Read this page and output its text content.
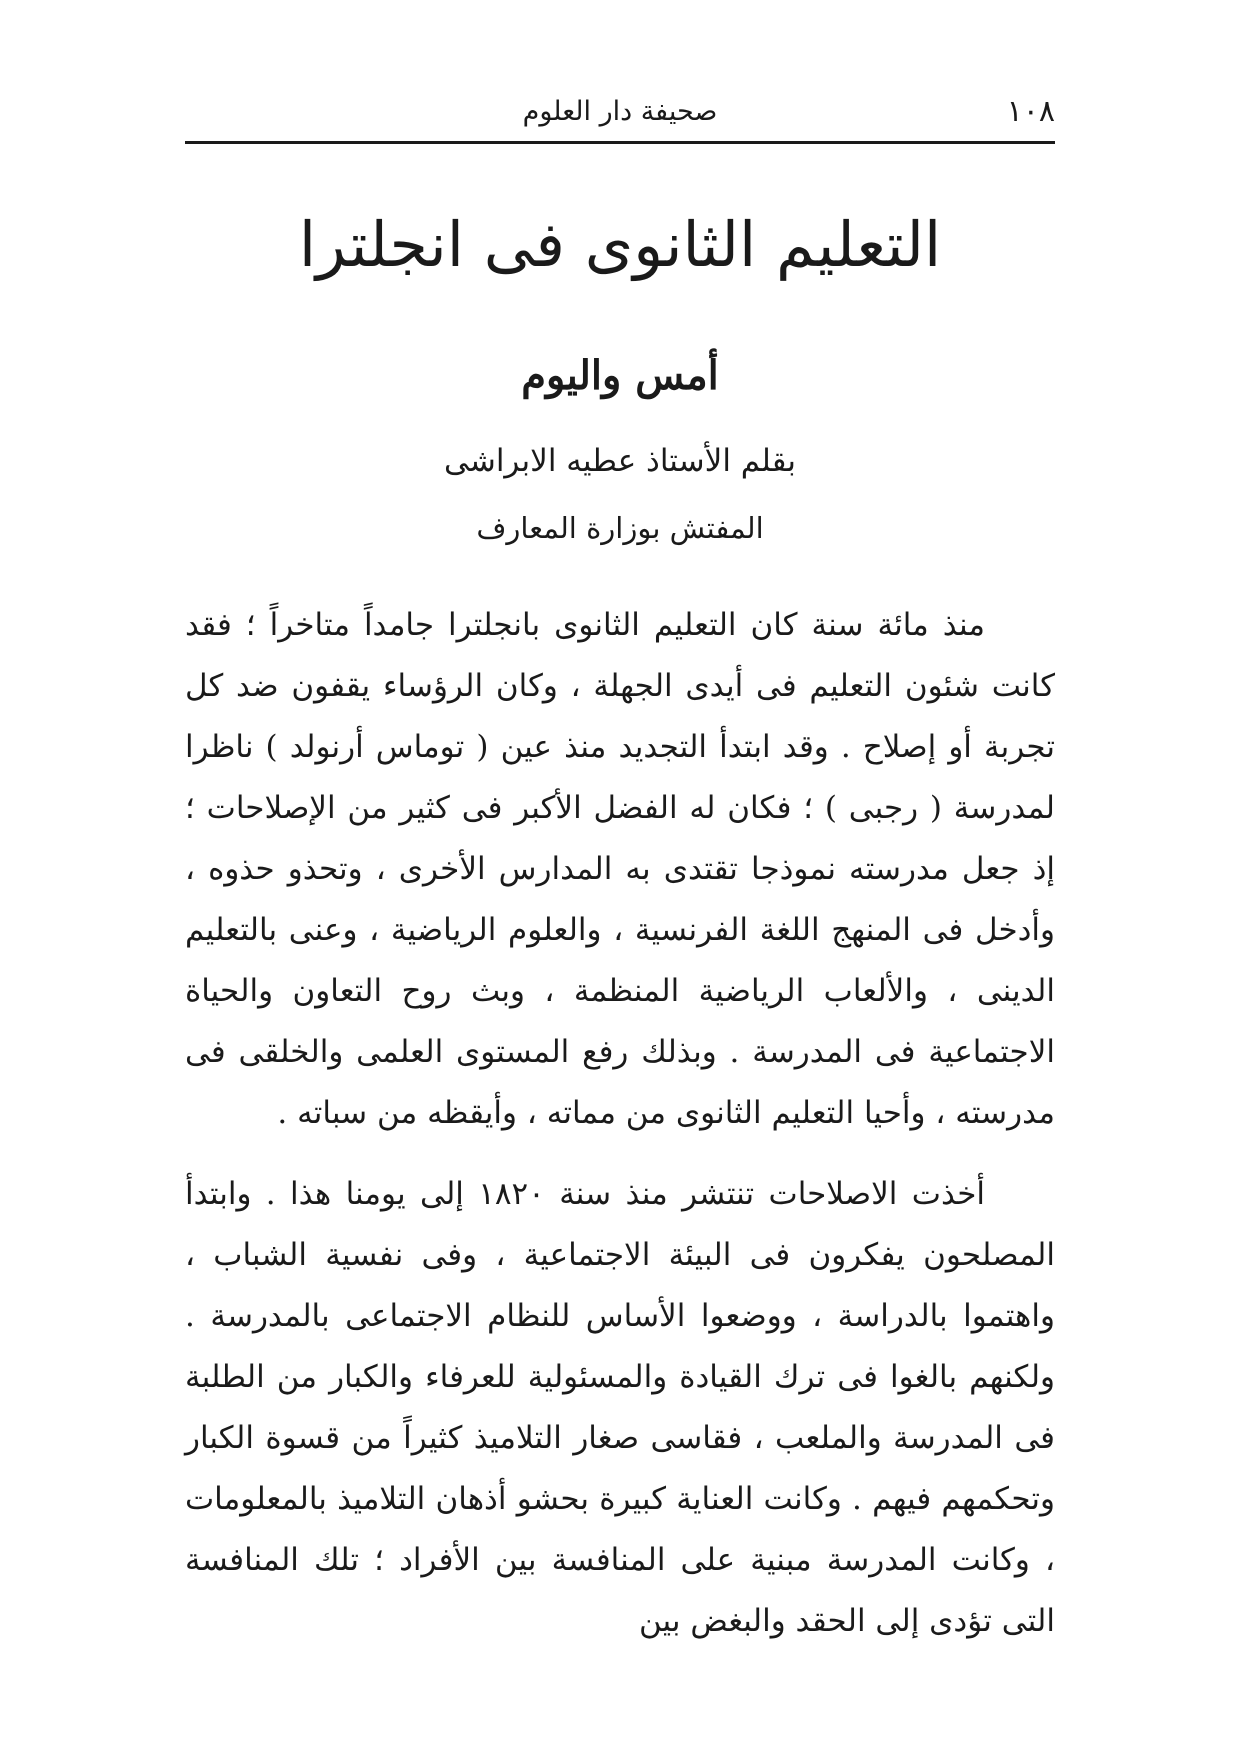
١٠٨
صحيفة دار العلوم
التعليم الثانوى فى انجلترا
أمس واليوم
بقلم الأستاذ عطيه الابراشى
المفتش بوزارة المعارف

منذ مائة سنة كان التعليم الثانوى بانجلترا جامداً متاخراً ؛ فقد كانت شئون التعليم فى أيدى الجهلة ، وكان الرؤساء يقفون ضد كل تجربة أو إصلاح . وقد ابتدأ التجديد منذ عين ( توماس أرنولد ) ناظرا لمدرسة ( رجبى ) ؛ فكان له الفضل الأكبر فى كثير من الإصلاحات ؛ إذ جعل مدرسته نموذجا تقتدى به المدارس الأخرى ، وتحذو حذوه ، وأدخل فى المنهج اللغة الفرنسية ، والعلوم الرياضية ، وعنى بالتعليم الدينى ، والألعاب الرياضية المنظمة ، وبث روح التعاون والحياة الاجتماعية فى المدرسة . وبذلك رفع المستوى العلمى والخلقى فى مدرسته ، وأحيا التعليم الثانوى من مماته ، وأيقظه من سباته .

أخذت الاصلاحات تنتشر منذ سنة ١٨٢٠ إلى يومنا هذا . وابتدأ المصلحون يفكرون فى البيئة الاجتماعية ، وفى نفسية الشباب ، واهتموا بالدراسة ، ووضعوا الأساس للنظام الاجتماعى بالمدرسة . ولكنهم بالغوا فى ترك القيادة والمسئولية للعرفاء والكبار من الطلبة فى المدرسة والملعب ، فقاسى صغار التلاميذ كثيراً من قسوة الكبار وتحكمهم فيهم . وكانت العناية كبيرة بحشو أذهان التلاميذ بالمعلومات ، وكانت المدرسة مبنية على المنافسة بين الأفراد ؛ تلك المنافسة التى تؤدى إلى الحقد والبغض بين
